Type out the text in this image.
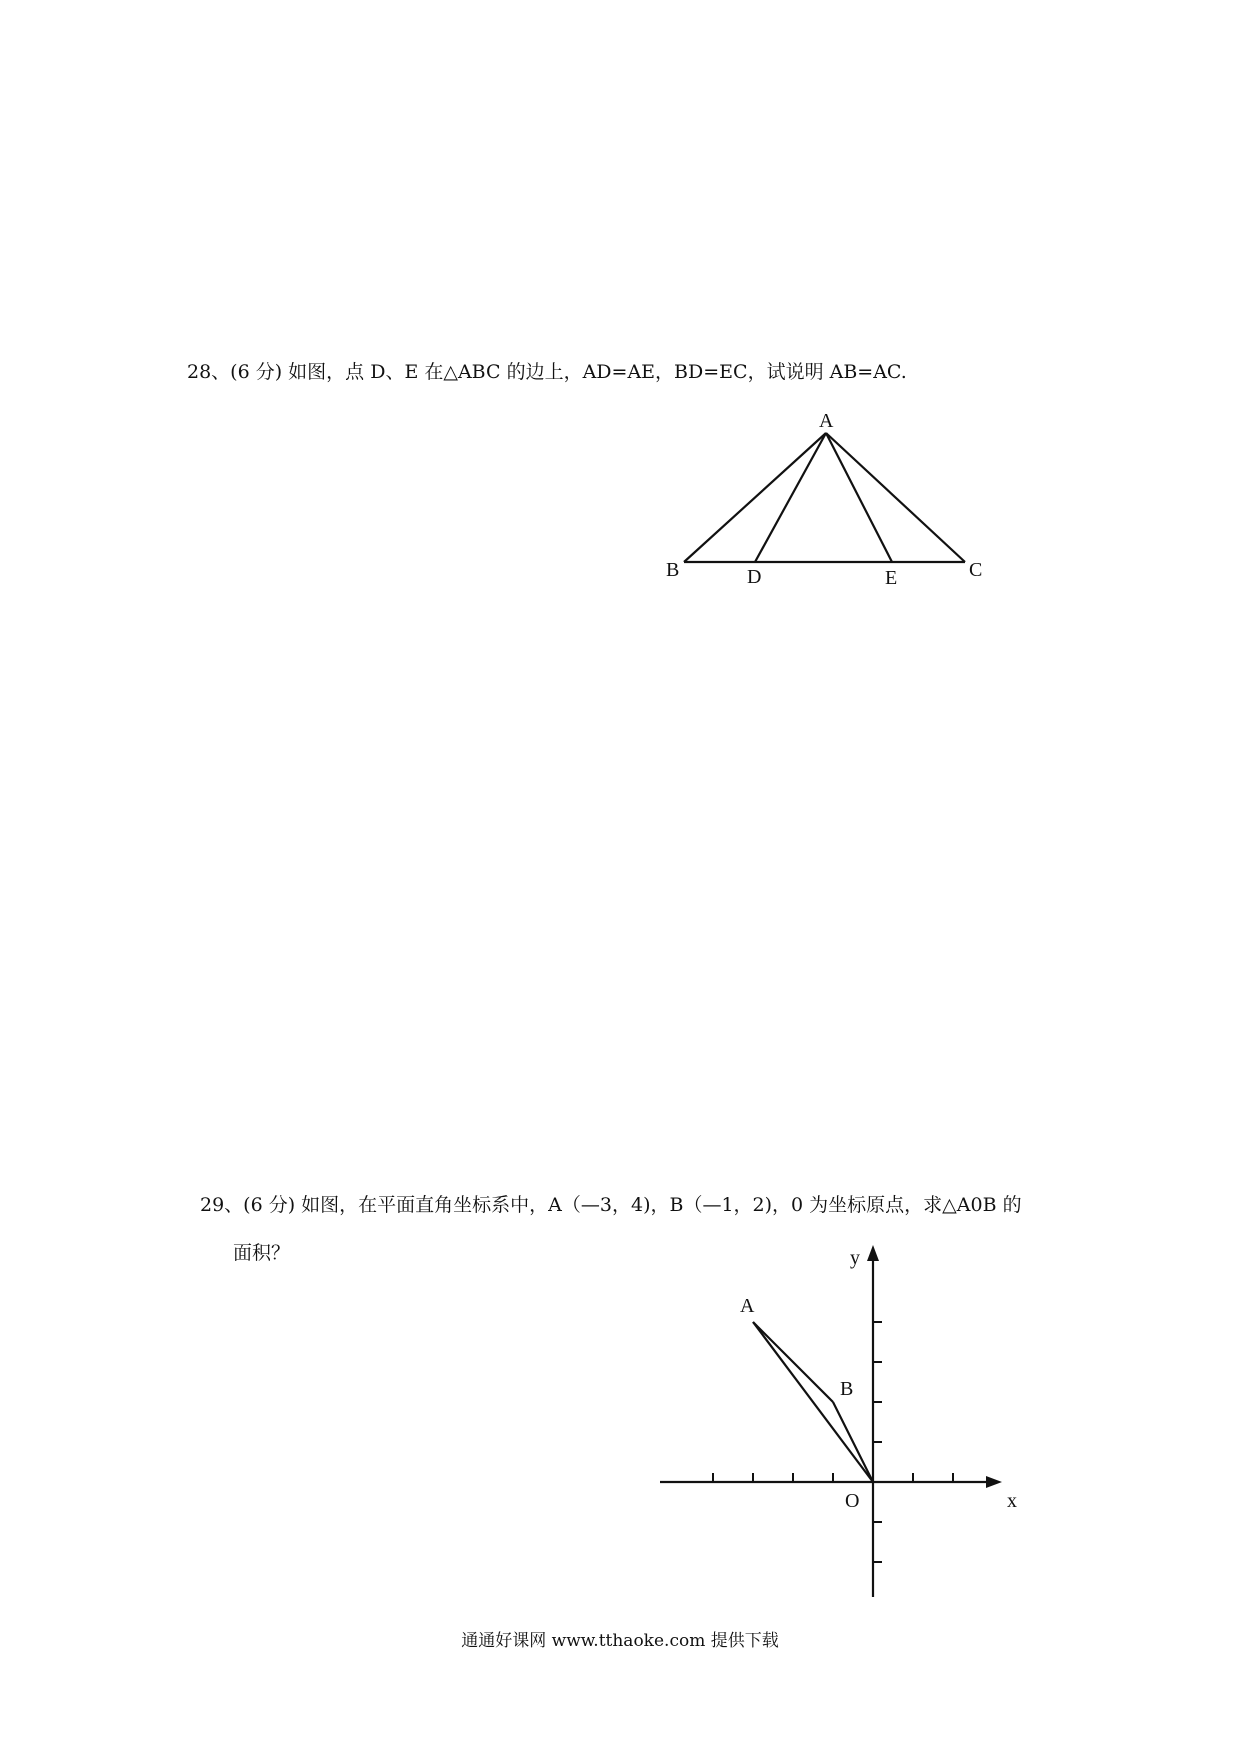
28、(6 分) 如图，点 D、E 在△ABC 的边上，AD=AE，BD=EC，试说明 AB=AC.
A
B	D	E	C
29、(6 分) 如图，在平面直角坐标系中，A（—3，4)，B（—1，2)，0 为坐标原点，求△A0B 的
面积？	y
x
A
B
O
通通好课网 www.tthaoke.com 提供下载
